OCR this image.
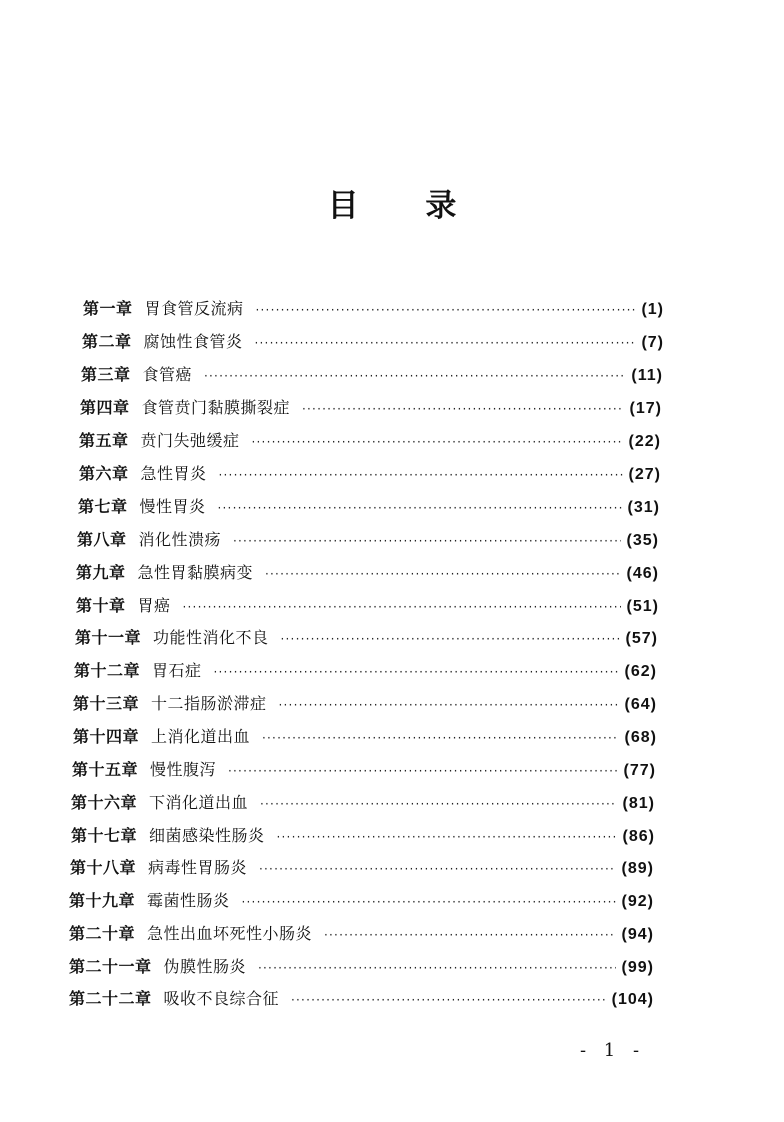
目 录
第一章 胃食管反流病 ·····	(1)
第二章 腐蚀性食管炎 ·····	(7)
第三章 食管癌 ·····	(11)
第四章 食管贲门黏膜撕裂症 ·····	(17)
第五章 贲门失弛缓症 ·····	(22)
第六章 急性胃炎 ·····	(27)
第七章 慢性胃炎 ·····	(31)
第八章 消化性溃疡 ·····	(35)
第九章 急性胃黏膜病变 ·····	(46)
第十章 胃癌 ·····	(51)
第十一章 功能性消化不良 ·····	(57)
第十二章 胃石症 ·····	(62)
第十三章 十二指肠淤滞症 ·····	(64)
第十四章 上消化道出血 ·····	(68)
第十五章 慢性腹泻 ·····	(77)
第十六章 下消化道出血 ·····	(81)
第十七章 细菌感染性肠炎 ·····	(86)
第十八章 病毒性胃肠炎 ·····	(89)
第十九章 霉菌性肠炎 ·····	(92)
第二十章 急性出血坏死性小肠炎 ·····	(94)
第二十一章 伪膜性肠炎 ·····	(99)
第二十二章 吸收不良综合征 ·····	(104)
- 1 -
